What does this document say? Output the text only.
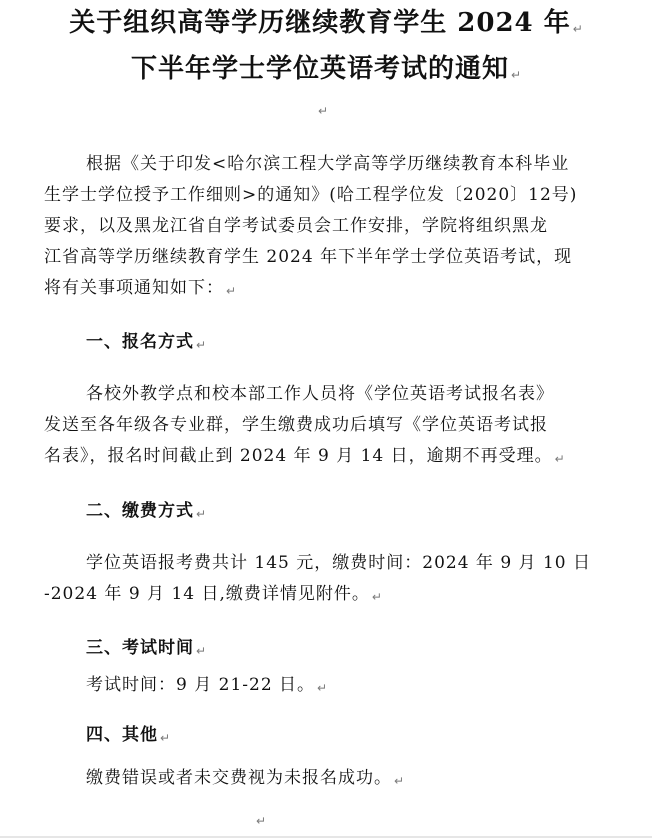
关于组织高等学历继续教育学生 2024 年 ↵
下半年学士学位英语考试的通知 ↵
↵
根据《关于印发<哈尔滨工程大学高等学历继续教育本科毕业
生学士学位授予工作细则>的通知》(哈工程学位发〔2020〕12号)
要求，以及黑龙江省自学考试委员会工作安排，学院将组织黑龙
江省高等学历继续教育学生 2024 年下半年学士学位英语考试，现
将有关事项通知如下： ↵
一、报名方式 ↵
各校外教学点和校本部工作人员将《学位英语考试报名表》
发送至各年级各专业群，学生缴费成功后填写《学位英语考试报
名表》，报名时间截止到 2024 年 9 月 14 日，逾期不再受理。 ↵
二、缴费方式 ↵
学位英语报考费共计 145 元，缴费时间：2024 年 9 月 10 日
-2024 年 9 月 14 日,缴费详情见附件。 ↵
三、考试时间 ↵
考试时间：9 月 21-22 日。 ↵
四、其他 ↵
缴费错误或者未交费视为未报名成功。 ↵
↵
